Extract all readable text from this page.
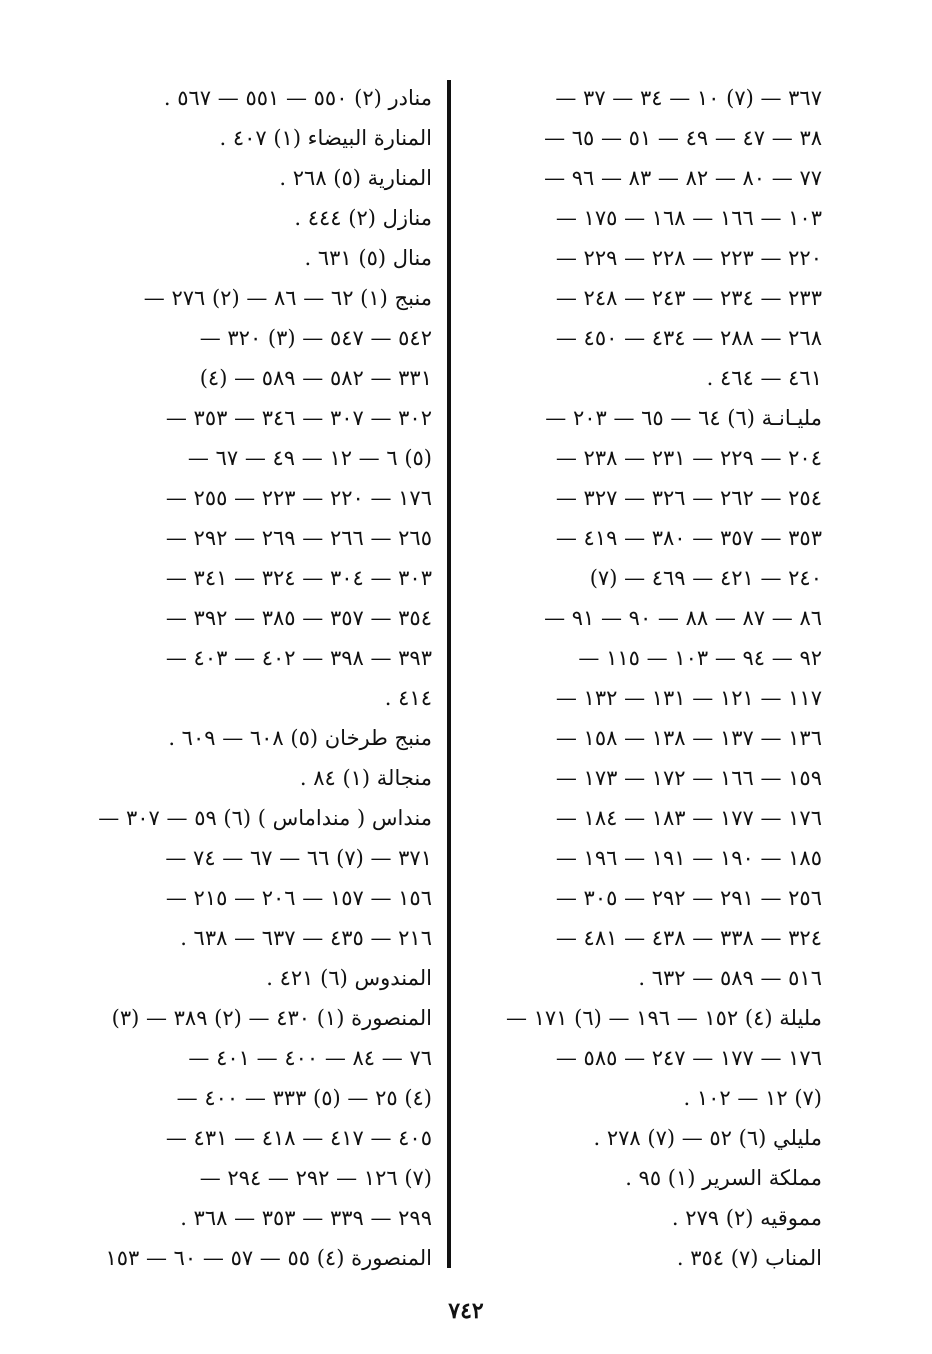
٣٦٧ — (٧) ١٠ — ٣٤ — ٣٧ —
٣٨ — ٤٧ — ٤٩ — ٥١ — ٦٥ —
٧٧ — ٨٠ — ٨٢ — ٨٣ — ٩٦ —
١٠٣ — ١٦٦ — ١٦٨ — ١٧٥ —
٢٢٠ — ٢٢٣ — ٢٢٨ — ٢٢٩ —
٢٣٣ — ٢٣٤ — ٢٤٣ — ٢٤٨ —
٢٦٨ — ٢٨٨ — ٤٣٤ — ٤٥٠ —
٤٦١ — ٤٦٤ .
مليـانـة (٦) ٦٤ — ٦٥ — ٢٠٣ —
٢٠٤ — ٢٢٩ — ٢٣١ — ٢٣٨ —
٢٥٤ — ٢٦٢ — ٣٢٦ — ٣٢٧ —
٣٥٣ — ٣٥٧ — ٣٨٠ — ٤١٩ —
٢٤٠ — ٤٢١ — ٤٦٩ — (٧)
٨٦ — ٨٧ — ٨٨ — ٩٠ — ٩١ —
٩٢ — ٩٤ — ١٠٣ — ١١٥ —
١١٧ — ١٢١ — ١٣١ — ١٣٢ —
١٣٦ — ١٣٧ — ١٣٨ — ١٥٨ —
١٥٩ — ١٦٦ — ١٧٢ — ١٧٣ —
١٧٦ — ١٧٧ — ١٨٣ — ١٨٤ —
١٨٥ — ١٩٠ — ١٩١ — ١٩٦ —
٢٥٦ — ٢٩١ — ٢٩٢ — ٣٠٥ —
٣٢٤ — ٣٣٨ — ٤٣٨ — ٤٨١ —
٥١٦ — ٥٨٩ — ٦٣٢ .
مليلة (٤) ١٥٢ — ١٩٦ — (٦) ١٧١ —
١٧٦ — ١٧٧ — ٢٤٧ — ٥٨٥ —
(٧) ١٢ — ١٠٢ .
مليلي (٦) ٥٢ — (٧) ٢٧٨ .
مملكة السرير (١) ٩٥ .
مموقيه (٢) ٢٧٩ .
المناب (٧) ٣٥٤ .
منادر (٢) ٥٥٠ — ٥٥١ — ٥٦٧ .
المنارة البيضاء (١) ٤٠٧ .
المنارية (٥) ٢٦٨ .
منازل (٢) ٤٤٤ .
منال (٥) ٦٣١ .
منبج (١) ٦٢ — ٨٦ — (٢) ٢٧٦ —
٥٤٢ — ٥٤٧ — (٣) ٣٢٠ —
٣٣١ — ٥٨٢ — ٥٨٩ — (٤)
٣٠٢ — ٣٠٧ — ٣٤٦ — ٣٥٣ —
(٥) ٦ — ١٢ — ٤٩ — ٦٧ —
١٧٦ — ٢٢٠ — ٢٢٣ — ٢٥٥ —
٢٦٥ — ٢٦٦ — ٢٦٩ — ٢٩٢ —
٣٠٣ — ٣٠٤ — ٣٢٤ — ٣٤١ —
٣٥٤ — ٣٥٧ — ٣٨٥ — ٣٩٢ —
٣٩٣ — ٣٩٨ — ٤٠٢ — ٤٠٣ —
٤١٤ .
منبج طرخان (٥) ٦٠٨ — ٦٠٩ .
منجالة (١) ٨٤ .
منداس ( منداماس ) (٦) ٥٩ — ٣٠٧ —
٣٧١ — (٧) ٦٦ — ٦٧ — ٧٤ —
١٥٦ — ١٥٧ — ٢٠٦ — ٢١٥ —
٢١٦ — ٤٣٥ — ٦٣٧ — ٦٣٨ .
المندوس (٦) ٤٢١ .
المنصورة (١) ٤٣٠ — (٢) ٣٨٩ — (٣)
٧٦ — ٨٤ — ٤٠٠ — ٤٠١ —
(٤) ٢٥ — (٥) ٣٣٣ — ٤٠٠ —
٤٠٥ — ٤١٧ — ٤١٨ — ٤٣١ —
(٧) ١٢٦ — ٢٩٢ — ٢٩٤ —
٢٩٩ — ٣٣٩ — ٣٥٣ — ٣٦٨ .
المنصورة (٤) ٥٥ — ٥٧ — ٦٠ — ١٥٣
٧٤٢
